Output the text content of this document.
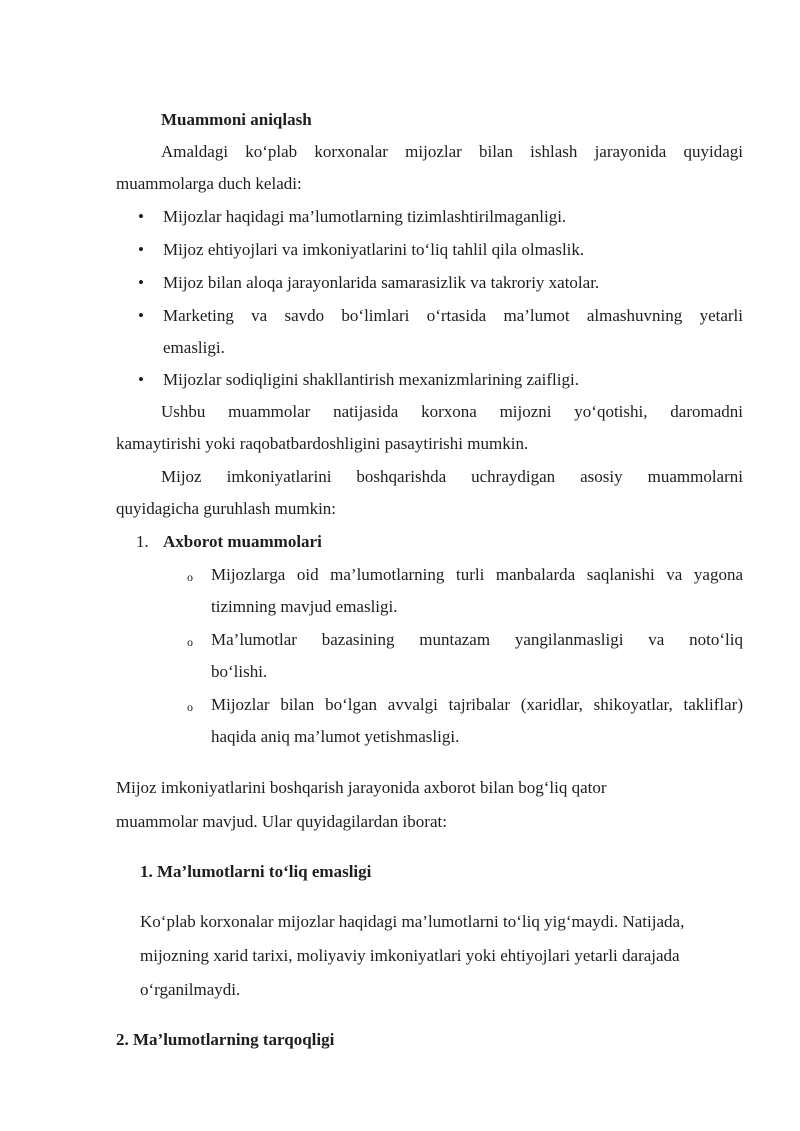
Muammoni aniqlash
Amaldagi ko‘plab korxonalar mijozlar bilan ishlash jarayonida quyidagi
muammolarga duch keladi:
• Mijozlar haqidagi ma’lumotlarning tizimlashtirilmaganligi.
• Mijoz ehtiyojlari va imkoniyatlarini to‘liq tahlil qila olmaslik.
• Mijoz bilan aloqa jarayonlarida samarasizlik va takroriy xatolar.
• Marketing va savdo bo‘limlari o‘rtasida ma’lumot almashuvning yetarli
emasligi.
• Mijozlar sodiqligini shakllantirish mexanizmlarining zaifligi.
Ushbu muammolar natijasida korxona mijozni yo‘qotishi, daromadni
kamaytirishi yoki raqobatbardoshligini pasaytirishi mumkin.
Mijoz imkoniyatlarini boshqarishda uchraydigan asosiy muammolarni
quyidagicha guruhlash mumkin:
1. Axborot muammolari
o Mijozlarga oid ma’lumotlarning turli manbalarda saqlanishi va yagona
tizimning mavjud emasligi.
o Ma’lumotlar bazasining muntazam yangilanmasligi va noto‘liq
bo‘lishi.
o Mijozlar bilan bo‘lgan avvalgi tajribalar (xaridlar, shikoyatlar, takliflar)
haqida aniq ma’lumot yetishmasligi.
Mijoz imkoniyatlarini boshqarish jarayonida axborot bilan bog‘liq qator
muammolar mavjud. Ular quyidagilardan iborat:
1. Ma’lumotlarni to‘liq emasligi
Ko‘plab korxonalar mijozlar haqidagi ma’lumotlarni to‘liq yig‘maydi. Natijada,
mijozning xarid tarixi, moliyaviy imkoniyatlari yoki ehtiyojlari yetarli darajada
o‘rganilmaydi.
2. Ma’lumotlarning tarqoqligi
